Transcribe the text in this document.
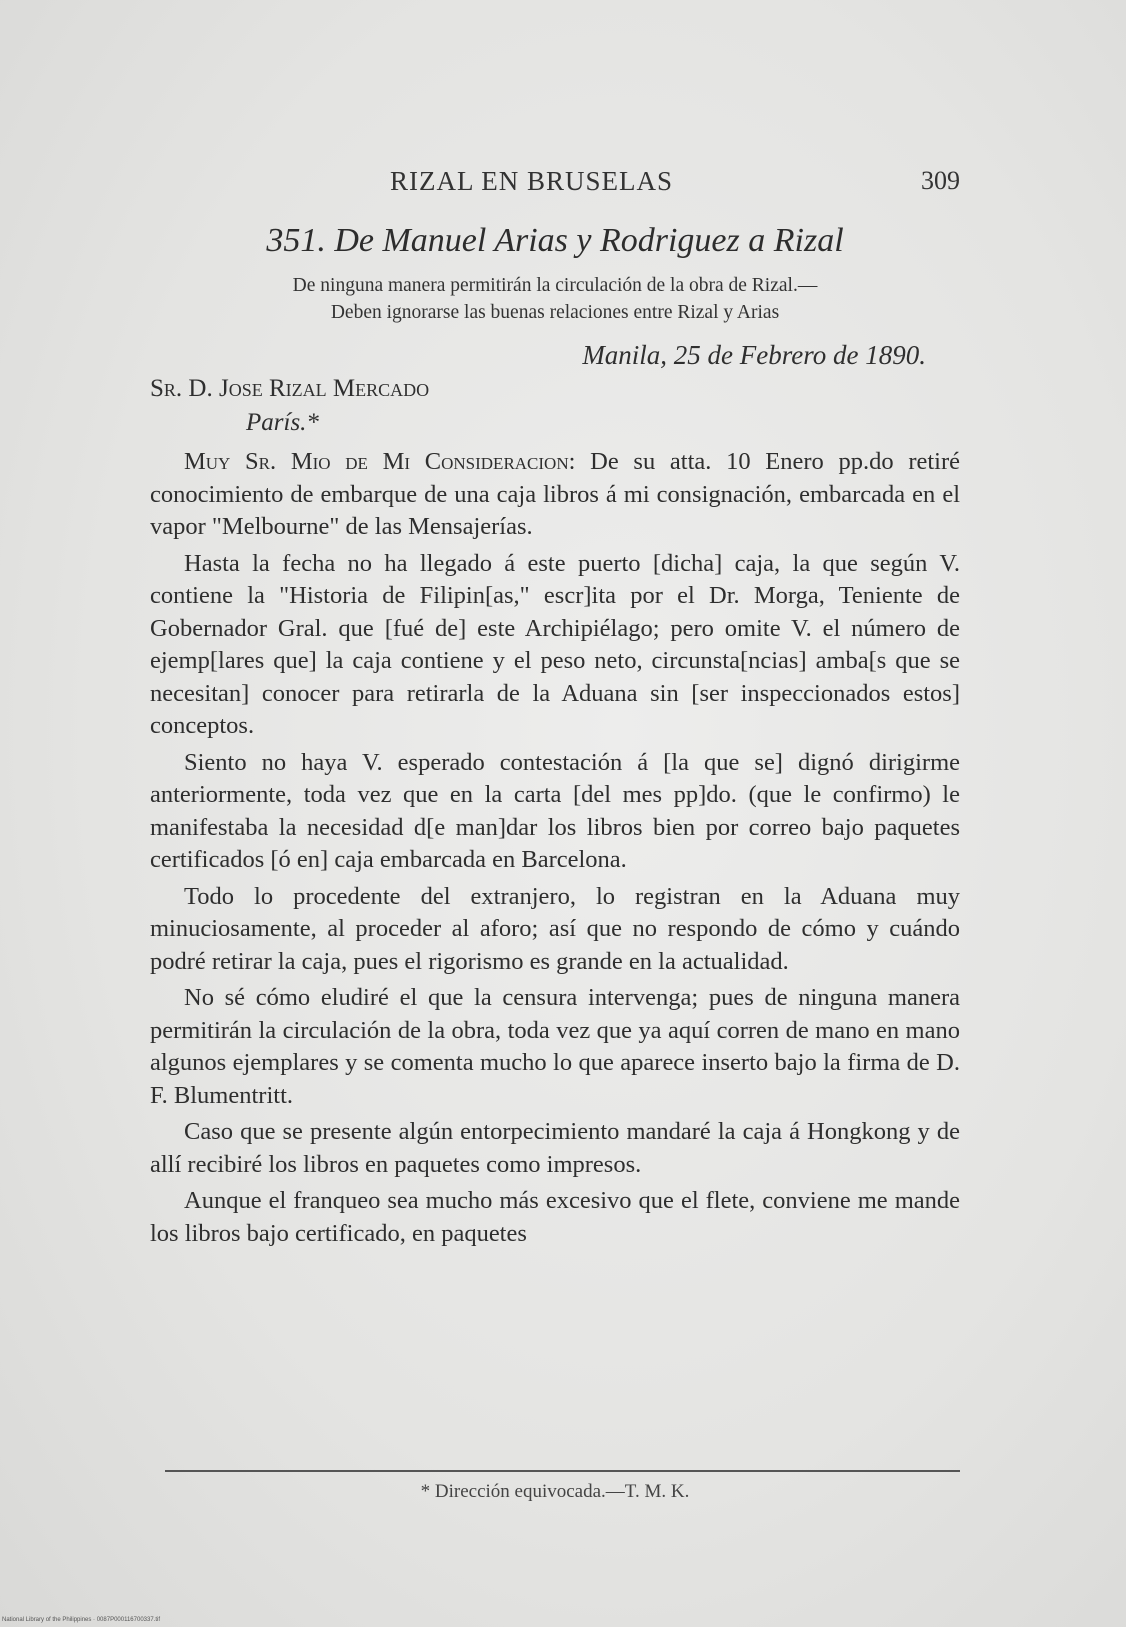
RIZAL EN BRUSELAS	309
351. De Manuel Arias y Rodriguez a Rizal
De ninguna manera permitirán la circulación de la obra de Rizal.—
Deben ignorarse las buenas relaciones entre Rizal y Arias
Manila, 25 de Febrero de 1890.
Sr. D. Jose Rizal Mercado
París.*

Muy Sr. Mio de Mi Consideracion: De su atta. 10 Enero pp.do retiré conocimiento de embarque de una caja libros á mi consignación, embarcada en el vapor "Melbourne" de las Mensajerías.

Hasta la fecha no ha llegado á este puerto [dicha] caja, la que según V. contiene la "Historia de Filipin[as," escr]ita por el Dr. Morga, Teniente de Gobernador Gral. que [fué de] este Archipiélago; pero omite V. el número de ejemp[lares que] la caja contiene y el peso neto, circunsta[ncias] amba[s que se necesitan] conocer para retirarla de la Aduana sin [ser inspeccionados estos] conceptos.

Siento no haya V. esperado contestación á [la que se] dignó dirigirme anteriormente, toda vez que en la carta [del mes pp]do. (que le confirmo) le manifestaba la necesidad d[e man]dar los libros bien por correo bajo paquetes certificados [ó en] caja embarcada en Barcelona.

Todo lo procedente del extranjero, lo registran en la Aduana muy minuciosamente, al proceder al aforo; así que no respondo de cómo y cuándo podré retirar la caja, pues el rigorismo es grande en la actualidad.

No sé cómo eludiré el que la censura intervenga; pues de ninguna manera permitirán la circulación de la obra, toda vez que ya aquí corren de mano en mano algunos ejemplares y se comenta mucho lo que aparece inserto bajo la firma de D. F. Blumentritt.

Caso que se presente algún entorpecimiento mandaré la caja á Hongkong y de allí recibiré los libros en paquetes como impresos.

Aunque el franqueo sea mucho más excesivo que el flete, conviene me mande los libros bajo certificado, en paquetes

* Dirección equivocada.—T. M. K.
National Library of the Philippines · 0087P000116700337.tif
